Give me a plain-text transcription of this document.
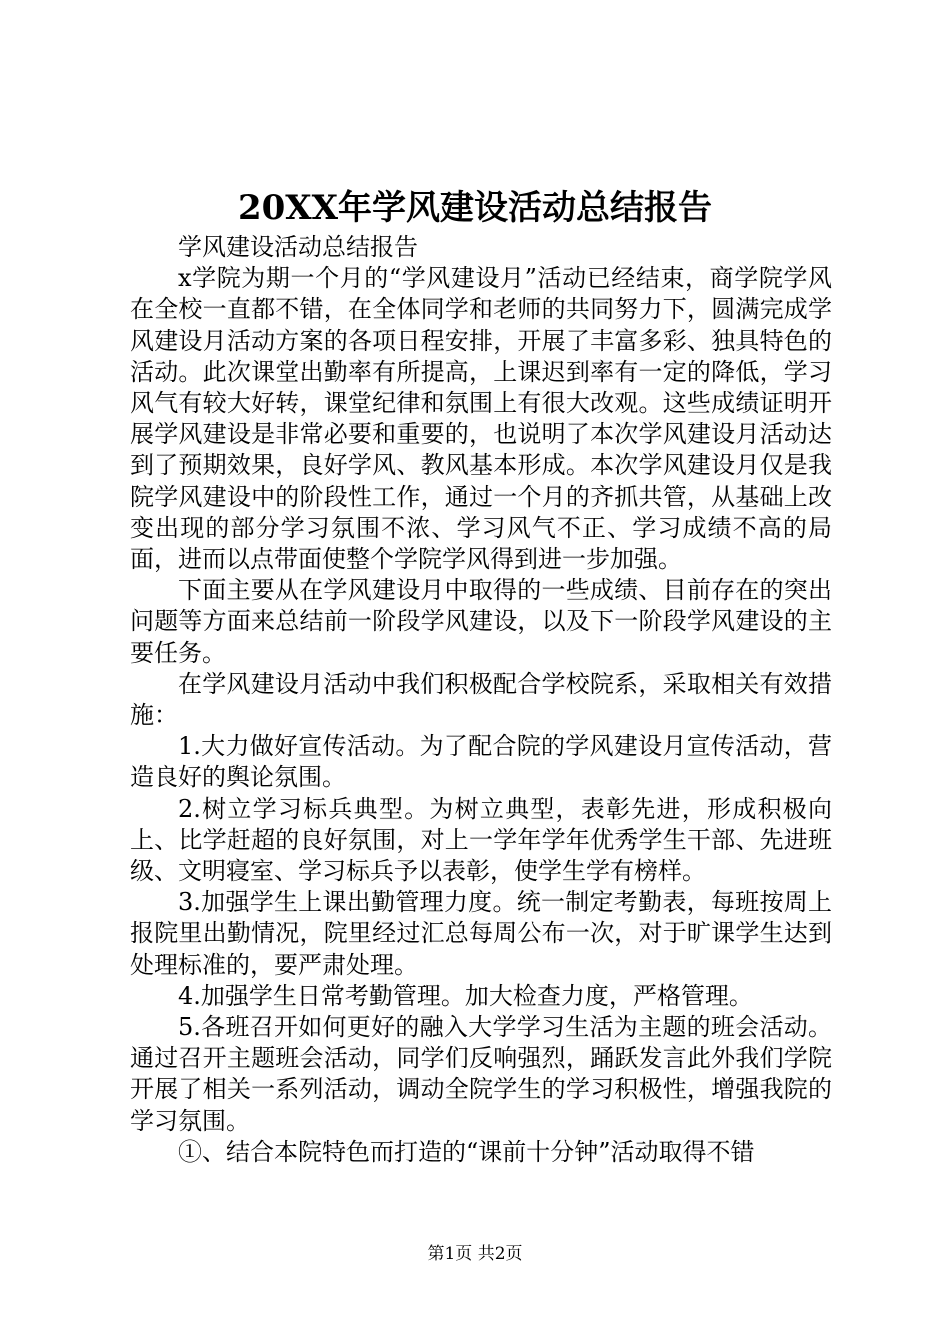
20XX年学风建设活动总结报告

学风建设活动总结报告

x学院为期一个月的“学风建设月”活动已经结束，商学院学风在全校一直都不错，在全体同学和老师的共同努力下，圆满完成学风建设月活动方案的各项日程安排，开展了丰富多彩、独具特色的活动。此次课堂出勤率有所提高，上课迟到率有一定的降低，学习风气有较大好转，课堂纪律和氛围上有很大改观。这些成绩证明开展学风建设是非常必要和重要的，也说明了本次学风建设月活动达到了预期效果，良好学风、教风基本形成。本次学风建设月仅是我院学风建设中的阶段性工作，通过一个月的齐抓共管，从基础上改变出现的部分学习氛围不浓、学习风气不正、学习成绩不高的局面，进而以点带面使整个学院学风得到进一步加强。

下面主要从在学风建设月中取得的一些成绩、目前存在的突出问题等方面来总结前一阶段学风建设，以及下一阶段学风建设的主要任务。

在学风建设月活动中我们积极配合学校院系，采取相关有效措施：

1.大力做好宣传活动。为了配合院的学风建设月宣传活动，营造良好的舆论氛围。

2.树立学习标兵典型。为树立典型，表彰先进，形成积极向上、比学赶超的良好氛围，对上一学年学年优秀学生干部、先进班级、文明寝室、学习标兵予以表彰，使学生学有榜样。

3.加强学生上课出勤管理力度。统一制定考勤表，每班按周上报院里出勤情况，院里经过汇总每周公布一次，对于旷课学生达到处理标准的，要严肃处理。

4.加强学生日常考勤管理。加大检查力度，严格管理。

5.各班召开如何更好的融入大学学习生活为主题的班会活动。通过召开主题班会活动，同学们反响强烈，踊跃发言此外我们学院开展了相关一系列活动，调动全院学生的学习积极性，增强我院的学习氛围。

①、结合本院特色而打造的“课前十分钟”活动取得不错

第1页 共2页
